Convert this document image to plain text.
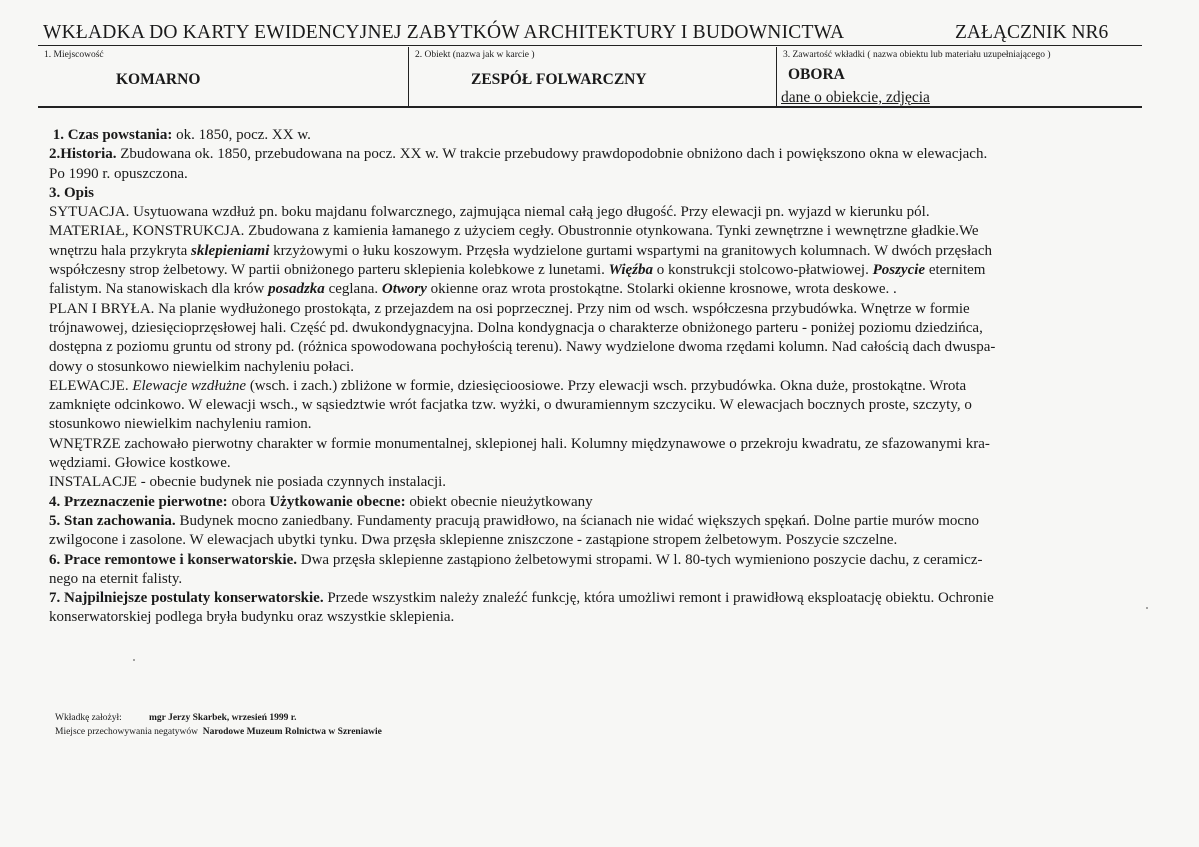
WKŁADKA DO KARTY EWIDENCYJNEJ ZABYTKÓW ARCHITEKTURY I BUDOWNICTWA	ZAŁĄCZNIK NR6
1. Miejscowość
KOMARNO
2. Obiekt (nazwa jak w karcie )
ZESPÓŁ FOLWARCZNY
3. Zawartość wkładki ( nazwa obiektu lub materiału uzupełniającego )
OBORA
dane o obiekcie, zdjęcia
1. Czas powstania: ok. 1850, pocz. XX w.
2.Historia. Zbudowana ok. 1850, przebudowana na pocz. XX w. W trakcie przebudowy prawdopodobnie obniżono dach i powiększono okna w elewacjach.
Po 1990 r. opuszczona.
3. Opis
SYTUACJA. Usytuowana wzdłuż pn. boku majdanu folwarcznego, zajmująca niemal całą jego długość. Przy elewacji pn. wyjazd w kierunku pól.
MATERIAŁ, KONSTRUKCJA. Zbudowana z kamienia łamanego z użyciem cegły. Obustronnie otynkowana. Tynki zewnętrzne i wewnętrzne gładkie.We
wnętrzu hala przykryta sklepieniami krzyżowymi o łuku koszowym. Przęsła wydzielone gurtami wspartymi na granitowych kolumnach. W dwóch przęsłach
współczesny strop żelbetowy. W partii obniżonego parteru sklepienia kolebkowe z lunetami. Więźba o konstrukcji stolcowo-płatwiowej. Poszycie eternitem
falistym. Na stanowiskach dla krów posadzka ceglana. Otwory okienne oraz wrota prostokątne. Stolarki okienne krosnowe, wrota deskowe. .
PLAN I BRYŁA. Na planie wydłużonego prostokąta, z przejazdem na osi poprzecznej. Przy nim od wsch. współczesna przybudówka. Wnętrze w formie
trójnawowej, dziesięcioprzęsłowej hali. Część pd. dwukondygnacyjna. Dolna kondygnacja o charakterze obniżonego parteru - poniżej poziomu dziedzińca,
dostępna z poziomu gruntu od strony pd. (różnica spowodowana pochyłością terenu). Nawy wydzielone dwoma rzędami kolumn. Nad całością dach dwuspa-
dowy o stosunkowo niewielkim nachyleniu połaci.
ELEWACJE. Elewacje wzdłużne (wsch. i zach.) zbliżone w formie, dziesięcioosiowe. Przy elewacji wsch. przybudówka. Okna duże, prostokątne. Wrota
zamknięte odcinkowo. W elewacji wsch., w sąsiedztwie wrót facjatka tzw. wyżki, o dwuramiennym szczyciku. W elewacjach bocznych proste, szczyty, o
stosunkowo niewielkim nachyleniu ramion.
WNĘTRZE zachowało pierwotny charakter w formie monumentalnej, sklepionej hali. Kolumny międzynawowe o przekroju kwadratu, ze sfazowanymi kra-
wędziami. Głowice kostkowe.
INSTALACJE - obecnie budynek nie posiada czynnych instalacji.
4. Przeznaczenie pierwotne: obora Użytkowanie obecne: obiekt obecnie nieużytkowany
5. Stan zachowania. Budynek mocno zaniedbany. Fundamenty pracują prawidłowo, na ścianach nie widać większych spękań. Dolne partie murów mocno
zwilgocone i zasolone. W elewacjach ubytki tynku. Dwa przęsła sklepienne zniszczone - zastąpione stropem żelbetowym. Poszycie szczelne.
6. Prace remontowe i konserwatorskie. Dwa przęsła sklepienne zastąpiono żelbetowymi stropami. W l. 80-tych wymieniono poszycie dachu, z ceramicz-
nego na eternit falisty.
7. Najpilniejsze postulaty konserwatorskie. Przede wszystkim należy znaleźć funkcję, która umożliwi remont i prawidłową eksploatację obiektu. Ochronie
konserwatorskiej podlega bryła budynku oraz wszystkie sklepienia.
Wkładkę założył:	mgr Jerzy Skarbek, wrzesień 1999 r.
Miejsce przechowywania negatywów Narodowe Muzeum Rolnictwa w Szreniawie
